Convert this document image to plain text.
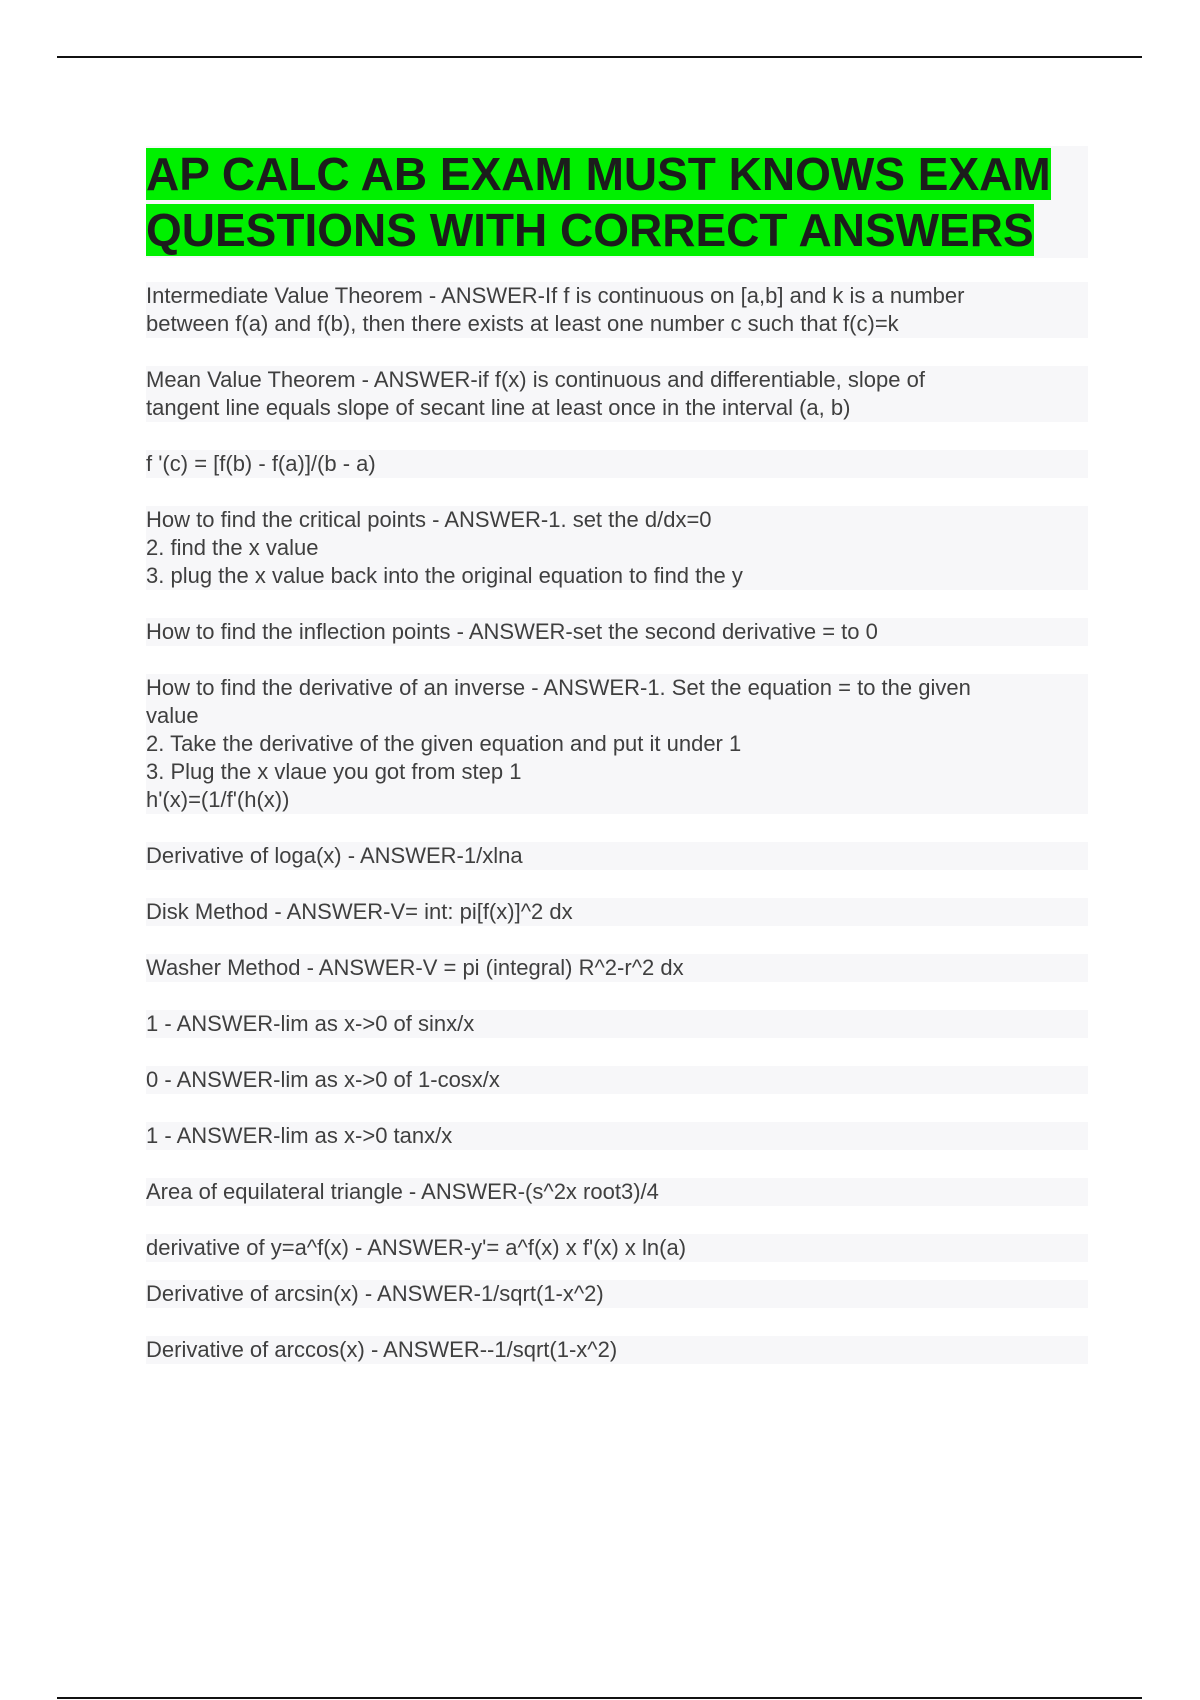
AP CALC AB EXAM MUST KNOWS EXAM QUESTIONS WITH CORRECT ANSWERS

Intermediate Value Theorem - ANSWER-If f is continuous on [a,b] and k is a number
between f(a) and f(b), then there exists at least one number c such that f(c)=k

Mean Value Theorem - ANSWER-if f(x) is continuous and differentiable, slope of
tangent line equals slope of secant line at least once in the interval (a, b)

f '(c) = [f(b) - f(a)]/(b - a)

How to find the critical points - ANSWER-1. set the d/dx=0
2. find the x value
3. plug the x value back into the original equation to find the y

How to find the inflection points - ANSWER-set the second derivative = to 0

How to find the derivative of an inverse - ANSWER-1. Set the equation = to the given
value
2. Take the derivative of the given equation and put it under 1
3. Plug the x vlaue you got from step 1
h'(x)=(1/f'(h(x))

Derivative of loga(x) - ANSWER-1/xlna

Disk Method - ANSWER-V= int: pi[f(x)]^2 dx

Washer Method - ANSWER-V = pi (integral) R^2-r^2 dx

1 - ANSWER-lim as x->0 of sinx/x

0 - ANSWER-lim as x->0 of 1-cosx/x

1 - ANSWER-lim as x->0 tanx/x

Area of equilateral triangle - ANSWER-(s^2x root3)/4

derivative of y=a^f(x) - ANSWER-y'= a^f(x) x f'(x) x ln(a)

Derivative of arcsin(x) - ANSWER-1/sqrt(1-x^2)

Derivative of arccos(x) - ANSWER--1/sqrt(1-x^2)
